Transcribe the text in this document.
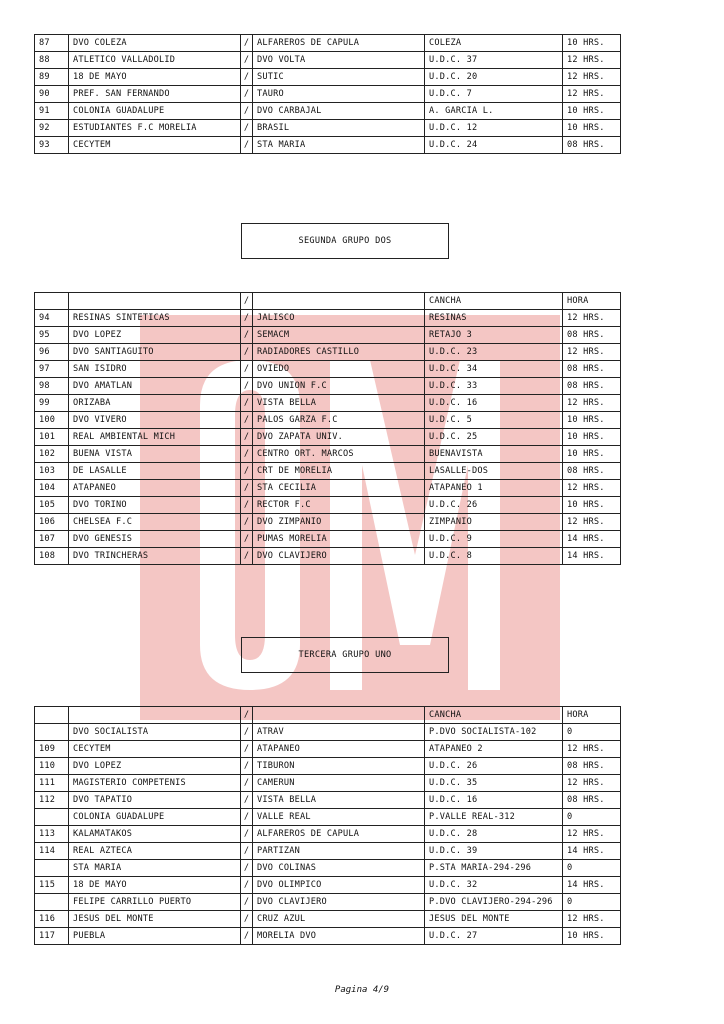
87	DVO COLEZA	/	ALFAREROS DE CAPULA	COLEZA	10 HRS.
88	ATLETICO VALLADOLID	/	DVO VOLTA	U.D.C. 37	12 HRS.
89	18 DE MAYO	/	SUTIC	U.D.C. 20	12 HRS.
90	PREF. SAN FERNANDO	/	TAURO	U.D.C. 7	12 HRS.
91	COLONIA GUADALUPE	/	DVO CARBAJAL	A. GARCIA L.	10 HRS.
92	ESTUDIANTES F.C MORELIA	/	BRASIL	U.D.C. 12	10 HRS.
93	CECYTEM	/	STA MARIA	U.D.C. 24	08 HRS.
SEGUNDA GRUPO DOS
		/		CANCHA	HORA
94	RESINAS SINTETICAS	/	JALISCO	RESINAS	12 HRS.
95	DVO LOPEZ	/	SEMACM	RETAJO 3	08 HRS.
96	DVO SANTIAGUITO	/	RADIADORES CASTILLO	U.D.C. 23	12 HRS.
97	SAN ISIDRO	/	OVIEDO	U.D.C. 34	08 HRS.
98	DVO AMATLAN	/	DVO UNION F.C	U.D.C. 33	08 HRS.
99	ORIZABA	/	VISTA BELLA	U.D.C. 16	12 HRS.
100	DVO VIVERO	/	PALOS GARZA F.C	U.D.C. 5	10 HRS.
101	REAL AMBIENTAL MICH	/	DVO ZAPATA UNIV.	U.D.C. 25	10 HRS.
102	BUENA VISTA	/	CENTRO ORT. MARCOS	BUENAVISTA	10 HRS.
103	DE LASALLE	/	CRT DE MORELIA	LASALLE-DOS	08 HRS.
104	ATAPANEO	/	STA CECILIA	ATAPANEO 1	12 HRS.
105	DVO TORINO	/	RECTOR F.C	U.D.C. 26	10 HRS.
106	CHELSEA F.C	/	DVO ZIMPANIO	ZIMPANIO	12 HRS.
107	DVO GENESIS	/	PUMAS MORELIA	U.D.C. 9	14 HRS.
108	DVO TRINCHERAS	/	DVO CLAVIJERO	U.D.C. 8	14 HRS.
TERCERA GRUPO UNO
		/		CANCHA	HORA
	DVO SOCIALISTA	/	ATRAV	P.DVO SOCIALISTA-102	0
109	CECYTEM	/	ATAPANEO	ATAPANEO 2	12 HRS.
110	DVO LOPEZ	/	TIBURON	U.D.C. 26	08 HRS.
111	MAGISTERIO COMPETENIS	/	CAMERUN	U.D.C. 35	12 HRS.
112	DVO TAPATIO	/	VISTA BELLA	U.D.C. 16	08 HRS.
	COLONIA GUADALUPE	/	VALLE REAL	P.VALLE REAL-312	0
113	KALAMATAKOS	/	ALFAREROS DE CAPULA	U.D.C. 28	12 HRS.
114	REAL AZTECA	/	PARTIZAN	U.D.C. 39	14 HRS.
	STA MARIA	/	DVO COLINAS	P.STA MARIA-294-296	0
115	18 DE MAYO	/	DVO OLIMPICO	U.D.C. 32	14 HRS.
	FELIPE CARRILLO PUERTO	/	DVO CLAVIJERO	P.DVO CLAVIJERO-294-296	0
116	JESUS DEL MONTE	/	CRUZ AZUL	JESUS DEL MONTE	12 HRS.
117	PUEBLA	/	MORELIA DVO	U.D.C. 27	10 HRS.
Pagina 4/9
